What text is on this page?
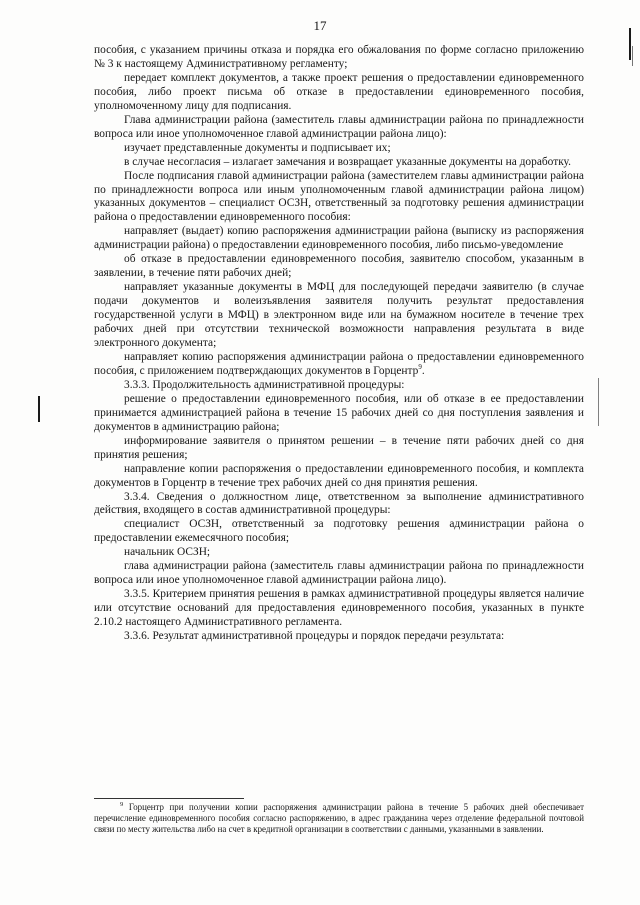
17

пособия, с указанием причины отказа и порядка его обжалования по форме согласно приложению № 3 к настоящему Административному регламенту;

передает комплект документов, а также проект решения о предоставлении единовременного пособия, либо проект письма об отказе в предоставлении единовременного пособия, уполномоченному лицу для подписания.

Глава администрации района (заместитель главы администрации района по принадлежности вопроса или иное уполномоченное главой администрации района лицо):

изучает представленные документы и подписывает их;

в случае несогласия – излагает замечания и возвращает указанные документы на доработку.

После подписания главой администрации района (заместителем главы администрации района по принадлежности вопроса или иным уполномоченным главой администрации района лицом) указанных документов – специалист ОСЗН, ответственный за подготовку решения администрации района о предоставлении единовременного пособия:

направляет (выдает) копию распоряжения администрации района (выписку из распоряжения администрации района) о предоставлении единовременного пособия, либо письмо-уведомление

об отказе в предоставлении единовременного пособия, заявителю способом, указанным в заявлении, в течение пяти рабочих дней;

направляет указанные документы в МФЦ для последующей передачи заявителю (в случае подачи документов и волеизъявления заявителя получить результат предоставления государственной услуги в МФЦ) в электронном виде или на бумажном носителе в течение трех рабочих дней при отсутствии технической возможности направления результата в виде электронного документа;

направляет копию распоряжения администрации района о предоставлении единовременного пособия, с приложением подтверждающих документов в Горцентр$^9$.

3.3.3. Продолжительность административной процедуры:

решение о предоставлении единовременного пособия, или об отказе в ее предоставлении принимается администрацией района в течение 15 рабочих дней со дня поступления заявления и документов в администрацию района;

информирование заявителя о принятом решении – в течение пяти рабочих дней со дня принятия решения;

направление копии распоряжения о предоставлении единовременного пособия, и комплекта документов в Горцентр в течение трех рабочих дней со дня принятия решения.

3.3.4. Сведения о должностном лице, ответственном за выполнение административного действия, входящего в состав административной процедуры:

специалист ОСЗН, ответственный за подготовку решения администрации района о предоставлении ежемесячного пособия;

начальник ОСЗН;

глава администрации района (заместитель главы администрации района по принадлежности вопроса или иное уполномоченное главой администрации района лицо).

3.3.5. Критерием принятия решения в рамках административной процедуры является наличие или отсутствие оснований для предоставления единовременного пособия, указанных в пункте 2.10.2 настоящего Административного регламента.

3.3.6. Результат административной процедуры и порядок передачи результата:

$^9$ Горцентр при получении копии распоряжения администрации района в течение 5 рабочих дней обеспечивает перечисление единовременного пособия согласно распоряжению, в адрес гражданина через отделение федеральной почтовой связи по месту жительства либо на счет в кредитной организации в соответствии с данными, указанными в заявлении.
